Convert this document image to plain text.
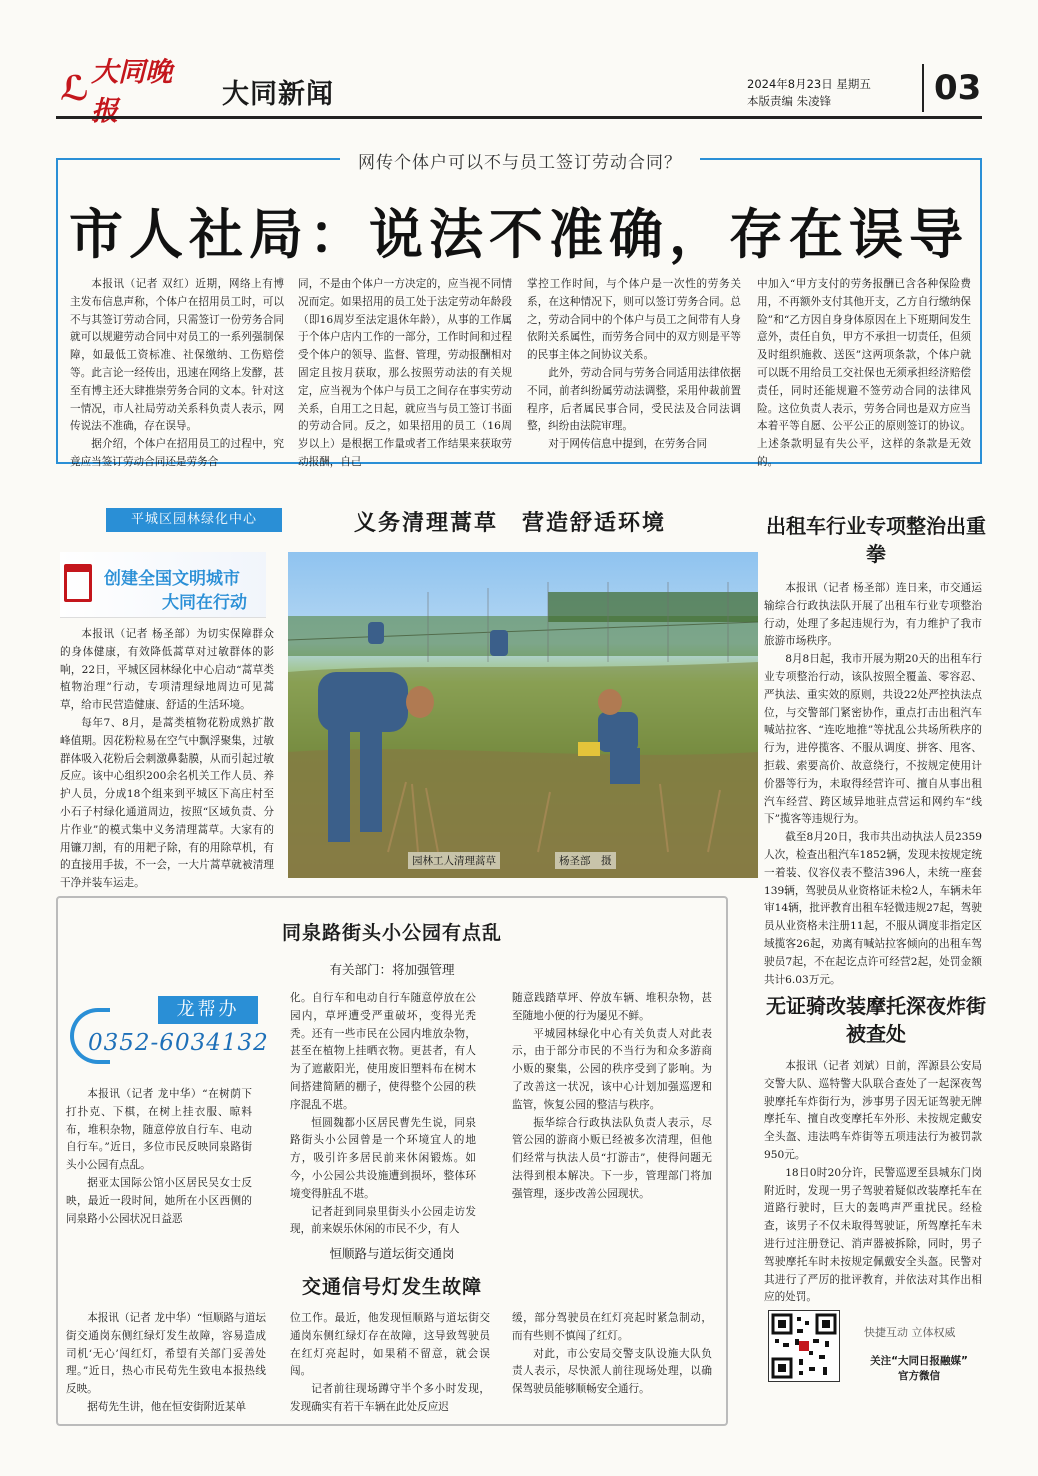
ℒ 大同晚报
大同新闻	2024年8月23日 星期五
本版责编 朱凌锋	03
网传个体户可以不与员工签订劳动合同？
市人社局：说法不准确，存在误导

本报讯（记者 双红）近期，网络上有博主发布信息声称，个体户在招用员工时，可以不与其签订劳动合同，只需签订一份劳务合同就可以规避劳动合同中对员工的一系列强制保障，如最低工资标准、社保缴纳、工伤赔偿等。此言论一经传出，迅速在网络上发酵，甚至有博主还大肆推崇劳务合同的文本。针对这一情况，市人社局劳动关系科负责人表示，网传说法不准确，存在误导。

据介绍，个体户在招用员工的过程中，究竟应当签订劳动合同还是劳务合

同，不是由个体户一方决定的，应当视不同情况而定。如果招用的员工处于法定劳动年龄段（即16周岁至法定退休年龄），从事的工作属于个体户店内工作的一部分，工作时间和过程受个体户的领导、监督、管理，劳动报酬相对固定且按月获取，那么按照劳动法的有关规定，应当视为个体户与员工之间存在事实劳动关系，自用工之日起，就应当与员工签订书面的劳动合同。反之，如果招用的员工（16周岁以上）是根据工作量或者工作结果来获取劳动报酬，自己

掌控工作时间，与个体户是一次性的劳务关系，在这种情况下，则可以签订劳务合同。总之，劳动合同中的个体户与员工之间带有人身依附关系属性，而劳务合同中的双方则是平等的民事主体之间协议关系。

此外，劳动合同与劳务合同适用法律依据不同，前者纠纷属劳动法调整，采用仲裁前置程序，后者属民事合同，受民法及合同法调整，纠纷由法院审理。

对于网传信息中提到，在劳务合同

中加入“甲方支付的劳务报酬已含各种保险费用，不再额外支付其他开支，乙方自行缴纳保险”和“乙方因自身身体原因在上下班期间发生意外，责任自负，甲方不承担一切责任，但须及时组织施救、送医”这两项条款，个体户就可以既不用给员工交社保也无须承担经济赔偿责任，同时还能规避不签劳动合同的法律风险。这位负责人表示，劳务合同也是双方应当本着平等自愿、公平公正的原则签订的协议。上述条款明显有失公平，这样的条款是无效的。

平城区园林绿化中心	义务清理蒿草　营造舒适环境
创建全国文明城市
大同在行动

本报讯（记者 杨圣部）为切实保障群众的身体健康，有效降低蒿草对过敏群体的影响，22日，平城区园林绿化中心启动“蒿草类植物治理”行动，专项清理绿地周边可见蒿草，给市民营造健康、舒适的生活环境。

每年7、8月，是蒿类植物花粉成熟扩散峰值期。因花粉粒易在空气中飘浮聚集，过敏群体吸入花粉后会刺激鼻黏膜，从而引起过敏反应。该中心组织200余名机关工作人员、养护人员，分成18个组来到平城区下高庄村至小石子村绿化通道周边，按照“区域负责、分片作业”的模式集中义务清理蒿草。大家有的用镰刀割，有的用耙子除，有的用除草机，有的直接用手拔，不一会，一大片蒿草就被清理干净并装车运走。

园林工人清理蒿草	杨圣部　摄
出租车行业专项整治出重拳

本报讯（记者 杨圣部）连日来，市交通运输综合行政执法队开展了出租车行业专项整治行动，处理了多起违规行为，有力维护了我市旅游市场秩序。

8月8日起，我市开展为期20天的出租车行业专项整治行动，该队按照全覆盖、零容忍、严执法、重实效的原则，共设22处严控执法点位，与交警部门紧密协作，重点打击出租汽车喊站拉客、“连吃地推”等扰乱公共场所秩序的行为，进停揽客、不服从调度、拼客、甩客、拒载、索要高价、故意绕行，不按规定使用计价器等行为，未取得经营许可、擅自从事出租汽车经营、跨区域异地驻点营运和网约车“线下”揽客等违规行为。

截至8月20日，我市共出动执法人员2359人次，检查出租汽车1852辆，发现未按规定统一着装、仪容仪表不整洁396人，未统一座套139辆，驾驶员从业资格证未检2人，车辆未年审14辆，批评教育出租车轻微违规27起，驾驶员从业资格未注册11起，不服从调度非指定区域揽客26起，劝离有喊站拉客倾向的出租车驾驶员7起，不在起讫点许可经营2起，处罚金额共计6.03万元。

无证骑改装摩托深夜炸街被查处

本报讯（记者 刘斌）日前，浑源县公安局交警大队、巡特警大队联合查处了一起深夜驾驶摩托车炸街行为，涉事男子因无证驾驶无牌摩托车、擅自改变摩托车外形、未按规定戴安全头盔、违法鸣车炸街等五项违法行为被罚款950元。

18日0时20分许，民警巡逻至县城东门岗附近时，发现一男子驾驶着疑似改装摩托车在道路行驶时，巨大的轰鸣声严重扰民。经检查，该男子不仅未取得驾驶证，所驾摩托车未进行过注册登记、消声器被拆除，同时，男子驾驶摩托车时未按规定佩戴安全头盔。民警对其进行了严厉的批评教育，并依法对其作出相应的处罚。

快捷互动 立体权威
关注“大同日报融媒”
官方微信
同泉路街头小公园有点乱
有关部门：将加强管理
龙帮办
0352-6034132

本报讯（记者 龙中华）“在树荫下打扑克、下棋，在树上挂衣服、晾料布，堆积杂物，随意停放自行车、电动自行车。”近日，多位市民反映同泉路街头小公园有点乱。

据亚太国际公馆小区居民吴女士反映，最近一段时间，她所在小区西侧的同泉路小公园状况日益恶

化。自行车和电动自行车随意停放在公园内，草坪遭受严重破坏，变得光秃秃。还有一些市民在公园内堆放杂物，甚至在植物上挂晒衣物。更甚者，有人为了遮蔽阳光，使用废旧塑料布在树木间搭建简陋的棚子，使得整个公园的秩序混乱不堪。

恒圆魏都小区居民曹先生说，同泉路街头小公园曾是一个环境宜人的地方，吸引许多居民前来休闲锻炼。如今，小公园公共设施遭到损坏，整体环境变得脏乱不堪。

记者赶到同泉里街头小公园走访发现，前来娱乐休闲的市民不少，有人

随意践踏草坪、停放车辆、堆积杂物，甚至随地小便的行为屡见不鲜。

平城园林绿化中心有关负责人对此表示，由于部分市民的不当行为和众多游商小贩的聚集，公园的秩序受到了影响。为了改善这一状况，该中心计划加强巡逻和监管，恢复公园的整洁与秩序。

振华综合行政执法队负责人表示，尽管公园的游商小贩已经被多次清理，但他们经常与执法人员“打游击”，使得问题无法得到根本解决。下一步，管理部门将加强管理，逐步改善公园现状。

恒顺路与道坛街交通岗
交通信号灯发生故障

本报讯（记者 龙中华）“恒顺路与道坛街交通岗东侧红绿灯发生故障，容易造成司机‘无心’闯红灯，希望有关部门妥善处理。”近日，热心市民苟先生致电本报热线反映。

据苟先生讲，他在恒安街附近某单

位工作。最近，他发现恒顺路与道坛街交通岗东侧红绿灯存在故障，这导致驾驶员在红灯亮起时，如果稍不留意，就会误闯。

记者前往现场蹲守半个多小时发现，发现确实有若干车辆在此处反应迟

缓，部分驾驶员在红灯亮起时紧急制动，而有些则不慎闯了红灯。

对此，市公安局交警支队设施大队负责人表示，尽快派人前往现场处理，以确保驾驶员能够顺畅安全通行。
